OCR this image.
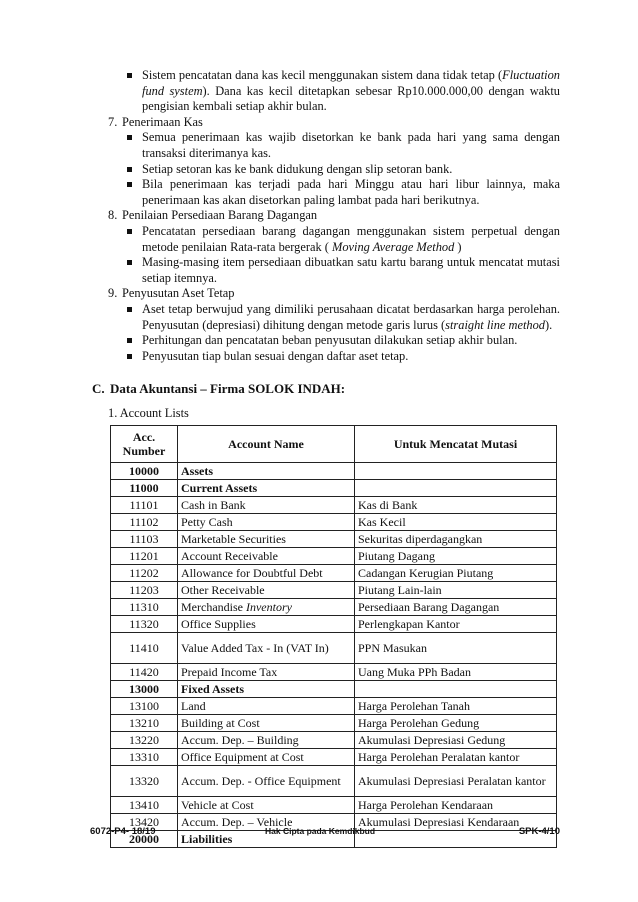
Sistem pencatatan dana kas kecil menggunakan sistem dana tidak tetap (Fluctuation fund system). Dana kas kecil ditetapkan sebesar Rp10.000.000,00 dengan waktu pengisian kembali setiap akhir bulan.
7. Penerimaan Kas
Semua penerimaan kas wajib disetorkan ke bank pada hari yang sama dengan transaksi diterimanya kas.
Setiap setoran kas ke bank didukung dengan slip setoran bank.
Bila penerimaan kas terjadi pada hari Minggu atau hari libur lainnya, maka penerimaan kas akan disetorkan paling lambat pada hari berikutnya.
8. Penilaian Persediaan Barang Dagangan
Pencatatan persediaan barang dagangan menggunakan sistem perpetual dengan metode penilaian Rata-rata bergerak ( Moving Average Method )
Masing-masing item persediaan dibuatkan satu kartu barang untuk mencatat mutasi setiap itemnya.
9. Penyusutan Aset Tetap
Aset tetap berwujud yang dimiliki perusahaan dicatat berdasarkan harga perolehan. Penyusutan (depresiasi) dihitung dengan metode garis lurus (straight line method).
Perhitungan dan pencatatan beban penyusutan dilakukan setiap akhir bulan.
Penyusutan tiap bulan sesuai dengan daftar aset tetap.
C. Data Akuntansi – Firma SOLOK INDAH:
1. Account Lists
Acc. Number	Account Name	Untuk Mencatat Mutasi
10000	Assets	
11000	Current Assets	
11101	Cash in Bank	Kas di Bank
11102	Petty Cash	Kas Kecil
11103	Marketable Securities	Sekuritas diperdagangkan
11201	Account Receivable	Piutang Dagang
11202	Allowance for Doubtful Debt	Cadangan Kerugian Piutang
11203	Other Receivable	Piutang Lain-lain
11310	Merchandise Inventory	Persediaan Barang Dagangan
11320	Office Supplies	Perlengkapan Kantor
11410	Value Added Tax - In (VAT In)	PPN Masukan
11420	Prepaid Income Tax	Uang Muka PPh Badan
13000	Fixed Assets	
13100	Land	Harga Perolehan Tanah
13210	Building at Cost	Harga Perolehan Gedung
13220	Accum. Dep. – Building	Akumulasi Depresiasi Gedung
13310	Office Equipment at Cost	Harga Perolehan Peralatan kantor
13320	Accum. Dep. - Office Equipment	Akumulasi Depresiasi Peralatan kantor
13410	Vehicle at Cost	Harga Perolehan Kendaraan
13420	Accum. Dep. – Vehicle	Akumulasi Depresiasi Kendaraan
20000	Liabilities	
6072-P4- 18/19	Hak Cipta pada Kemdikbud	SPK-4/10
